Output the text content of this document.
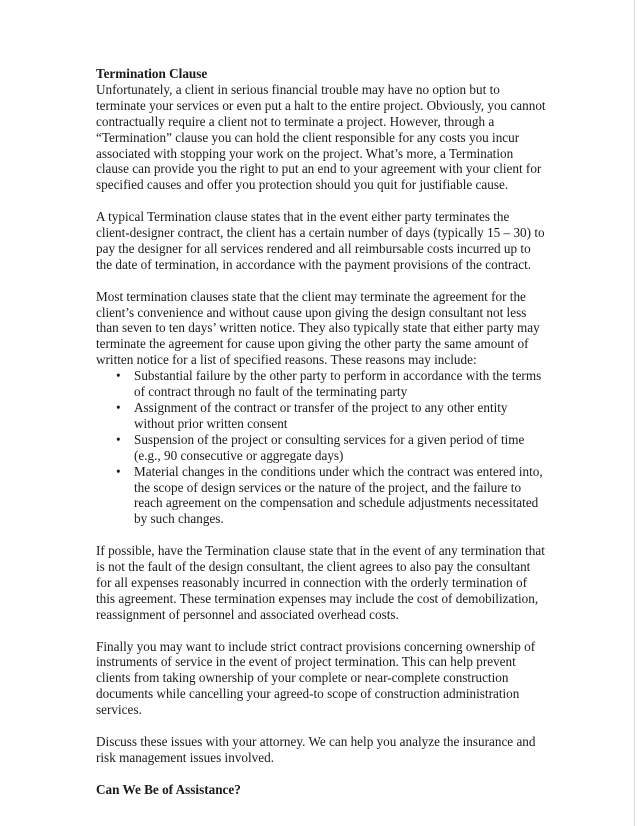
Termination Clause

Unfortunately, a client in serious financial trouble may have no option but to terminate your services or even put a halt to the entire project. Obviously, you cannot contractually require a client not to terminate a project. However, through a “Termination” clause you can hold the client responsible for any costs you incur associated with stopping your work on the project. What’s more, a Termination clause can provide you the right to put an end to your agreement with your client for specified causes and offer you protection should you quit for justifiable cause.

A typical Termination clause states that in the event either party terminates the client-designer contract, the client has a certain number of days (typically 15 – 30) to pay the designer for all services rendered and all reimbursable costs incurred up to the date of termination, in accordance with the payment provisions of the contract.

Most termination clauses state that the client may terminate the agreement for the client’s convenience and without cause upon giving the design consultant not less than seven to ten days’ written notice. They also typically state that either party may terminate the agreement for cause upon giving the other party the same amount of written notice for a list of specified reasons. These reasons may include:

• Substantial failure by the other party to perform in accordance with the terms of contract through no fault of the terminating party
• Assignment of the contract or transfer of the project to any other entity without prior written consent
• Suspension of the project or consulting services for a given period of time (e.g., 90 consecutive or aggregate days)
• Material changes in the conditions under which the contract was entered into, the scope of design services or the nature of the project, and the failure to reach agreement on the compensation and schedule adjustments necessitated by such changes.

If possible, have the Termination clause state that in the event of any termination that is not the fault of the design consultant, the client agrees to also pay the consultant for all expenses reasonably incurred in connection with the orderly termination of this agreement. These termination expenses may include the cost of demobilization, reassignment of personnel and associated overhead costs.

Finally you may want to include strict contract provisions concerning ownership of instruments of service in the event of project termination. This can help prevent clients from taking ownership of your complete or near-complete construction documents while cancelling your agreed-to scope of construction administration services.

Discuss these issues with your attorney. We can help you analyze the insurance and risk management issues involved.

Can We Be of Assistance?
